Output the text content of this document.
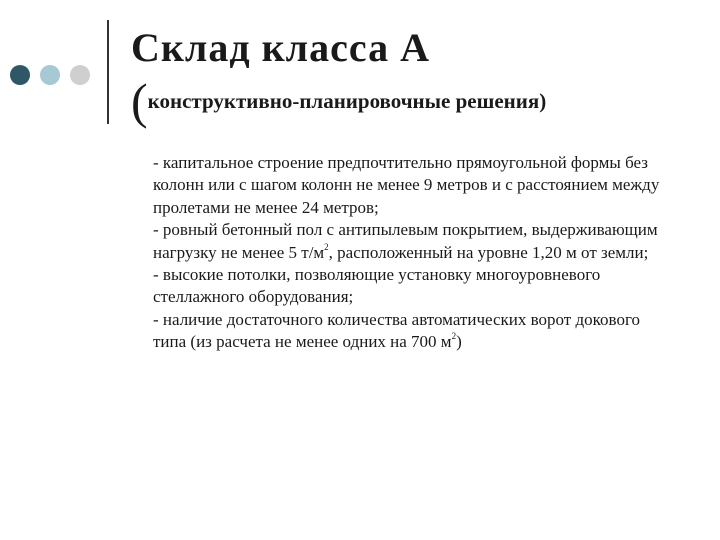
Склад класса А
(конструктивно-планировочные решения)

- капитальное строение предпочтительно прямоугольной формы без колонн или с шагом колонн не менее 9 метров и с расстоянием между пролетами не менее 24 метров;

- ровный бетонный пол с антипылевым покрытием, выдерживающим нагрузку не менее 5 $т/м^2$, расположенный на уровне 1,20 м от земли;

- высокие потолки, позволяющие установку многоуровневого стеллажного оборудования;

- наличие достаточного количества автоматических ворот докового типа (из расчета не менее одних на 700 $м^2$)
